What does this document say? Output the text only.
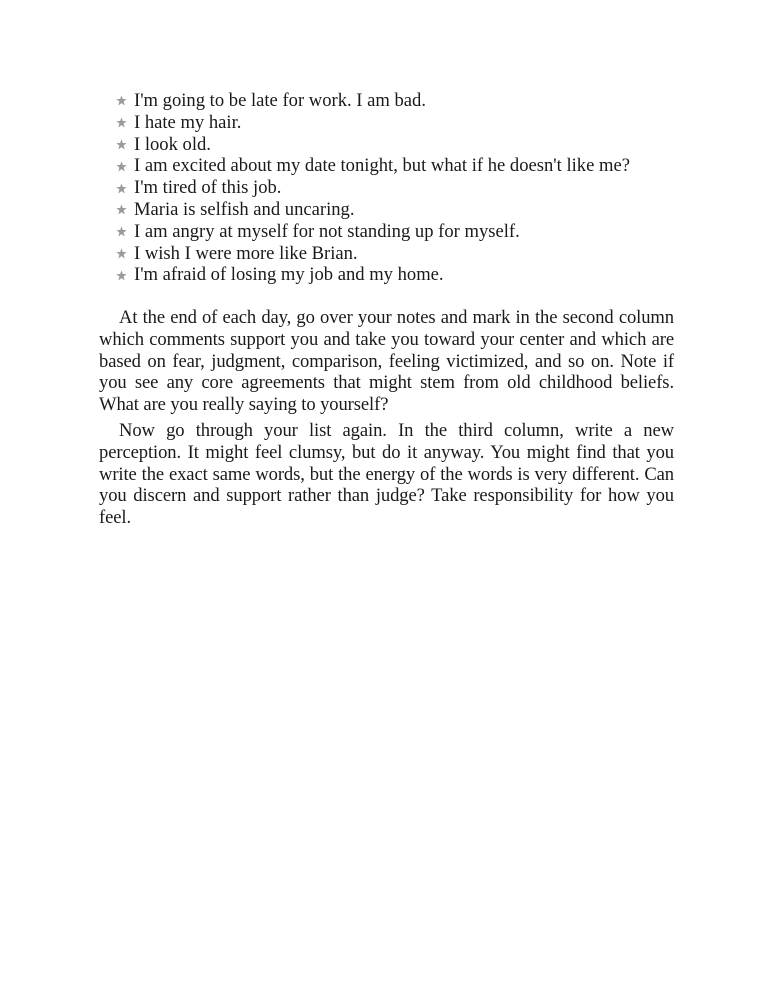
I'm going to be late for work. I am bad.
I hate my hair.
I look old.
I am excited about my date tonight, but what if he doesn't like me?
I'm tired of this job.
Maria is selfish and uncaring.
I am angry at myself for not standing up for myself.
I wish I were more like Brian.
I'm afraid of losing my job and my home.

At the end of each day, go over your notes and mark in the second column which comments support you and take you toward your center and which are based on fear, judgment, comparison, feeling victimized, and so on. Note if you see any core agreements that might stem from old childhood beliefs. What are you really saying to yourself?

Now go through your list again. In the third column, write a new perception. It might feel clumsy, but do it anyway. You might find that you write the exact same words, but the energy of the words is very different. Can you discern and support rather than judge? Take responsibility for how you feel.
